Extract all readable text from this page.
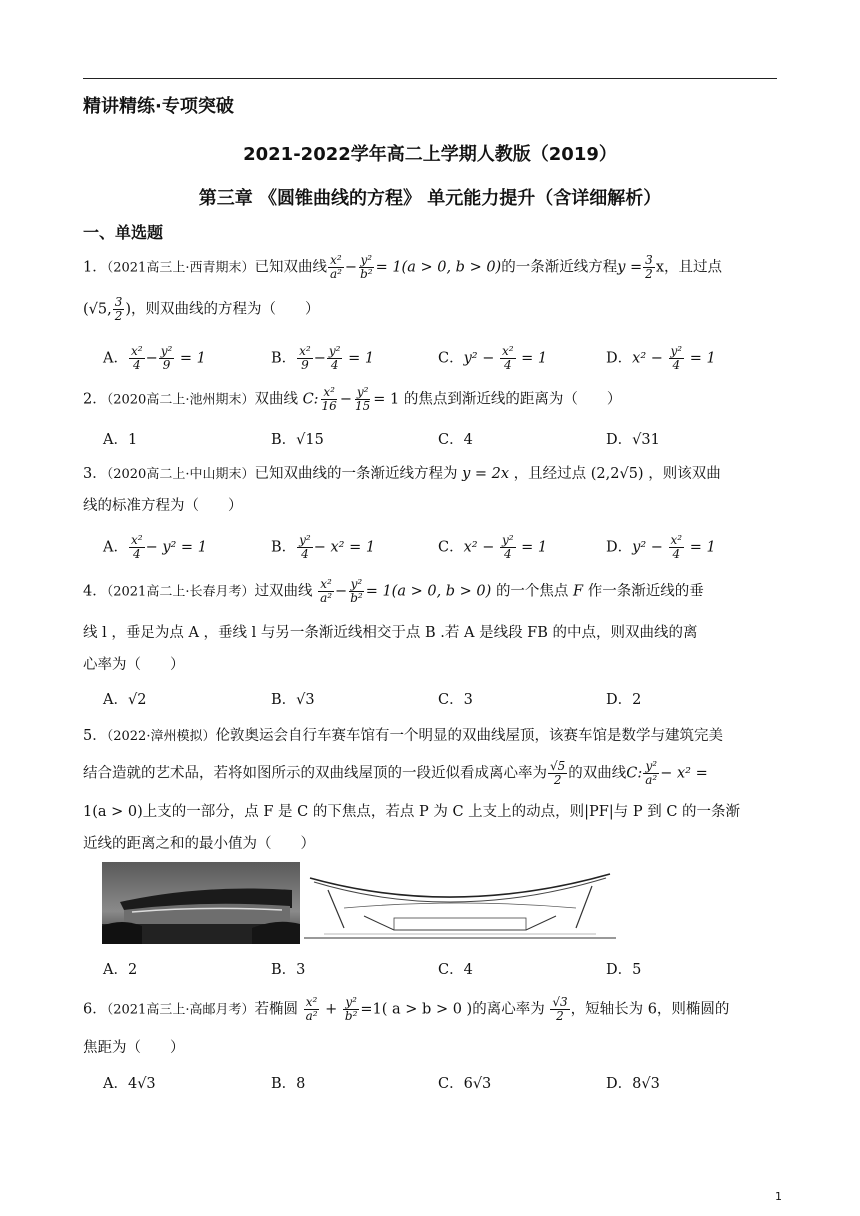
精讲精练·专项突破
2021-2022学年高二上学期人教版（2019）
第三章 《圆锥曲线的方程》 单元能力提升（含详细解析）
一、单选题
1．（2021高三上·西青期末）已知双曲线 $\frac{\text{x²}}{\text{a²}} - \frac{\text{y²}}{\text{b²}} = 1(a > 0$, b > 0)的一条渐近线方程$y = \frac{3}{2}$ x，且过点
(√5, $\frac{3}{2}$ )，则双曲线的方程为（　　）
A． $\frac{\text{x²}}{4} - \frac{\text{y²}}{9} = 1$	B． $\frac{\text{x²}}{9} - \frac{\text{y²}}{4} = 1$	C．$y^2 - \frac{\text{x²}}{4} = 1$	D．$x^2 - \frac{\text{y²}}{4} = 1$
2．（2020高二上·池州期末）双曲线 C: $\frac{\text{x²}}{16} - \frac{\text{y²}}{15} = 1$ 的焦点到渐近线的距离为（　　）
A．1	B．√15	C．4	D．√31
3．（2020高二上·中山期末）已知双曲线的一条渐近线方程为 y = 2x ，且经过点 (2,2√5) ，则该双曲
线的标准方程为（　　）
A． $\frac{\text{x²}}{4} - y^2 = 1$	B． $\frac{\text{y²}}{4} - x^2 = 1$	C．$x^2 - \frac{\text{y²}}{4} = 1$	D．$y^2 - \frac{\text{x²}}{4} = 1$
4．（2021高二上·长春月考）过双曲线 $\frac{\text{x²}}{\text{a²}} - \frac{\text{y²}}{\text{b²}} = 1(a > 0$, b > 0) 的一个焦点 F 作一条渐近线的垂
线 l ，垂足为点 A ，垂线 l 与另一条渐近线相交于点 B .若 A 是线段 FB 的中点，则双曲线的离
心率为（　　）
A．√2	B．√3	C．3	D．2
5．（2022·漳州模拟）伦敦奥运会自行车赛车馆有一个明显的双曲线屋顶，该赛车馆是数学与建筑完美
结合造就的艺术品，若将如图所示的双曲线屋顶的一段近似看成离心率为 $\frac{√5}{2}$ 的双曲线C: $\frac{\text{y²}}{\text{a²}} - x^2$ =
1(a > 0)上支的一部分，点 F 是 C 的下焦点，若点 P 为 C 上支上的动点，则|PF|与 P 到 C 的一条渐
近线的距离之和的最小值为（　　）
A．2	B．3	C．4	D．5
6．（2021高三上·高邮月考）若椭圆 $\frac{\text{x²}}{\text{a²}} + \frac{\text{y²}}{\text{b²}} =1$( a > b > 0 )的离心率为 $\frac{√3}{2}$ ，短轴长为 6，则椭圆的
焦距为（　　）
A．4√3	B．8	C．6√3	D．8√3
1
